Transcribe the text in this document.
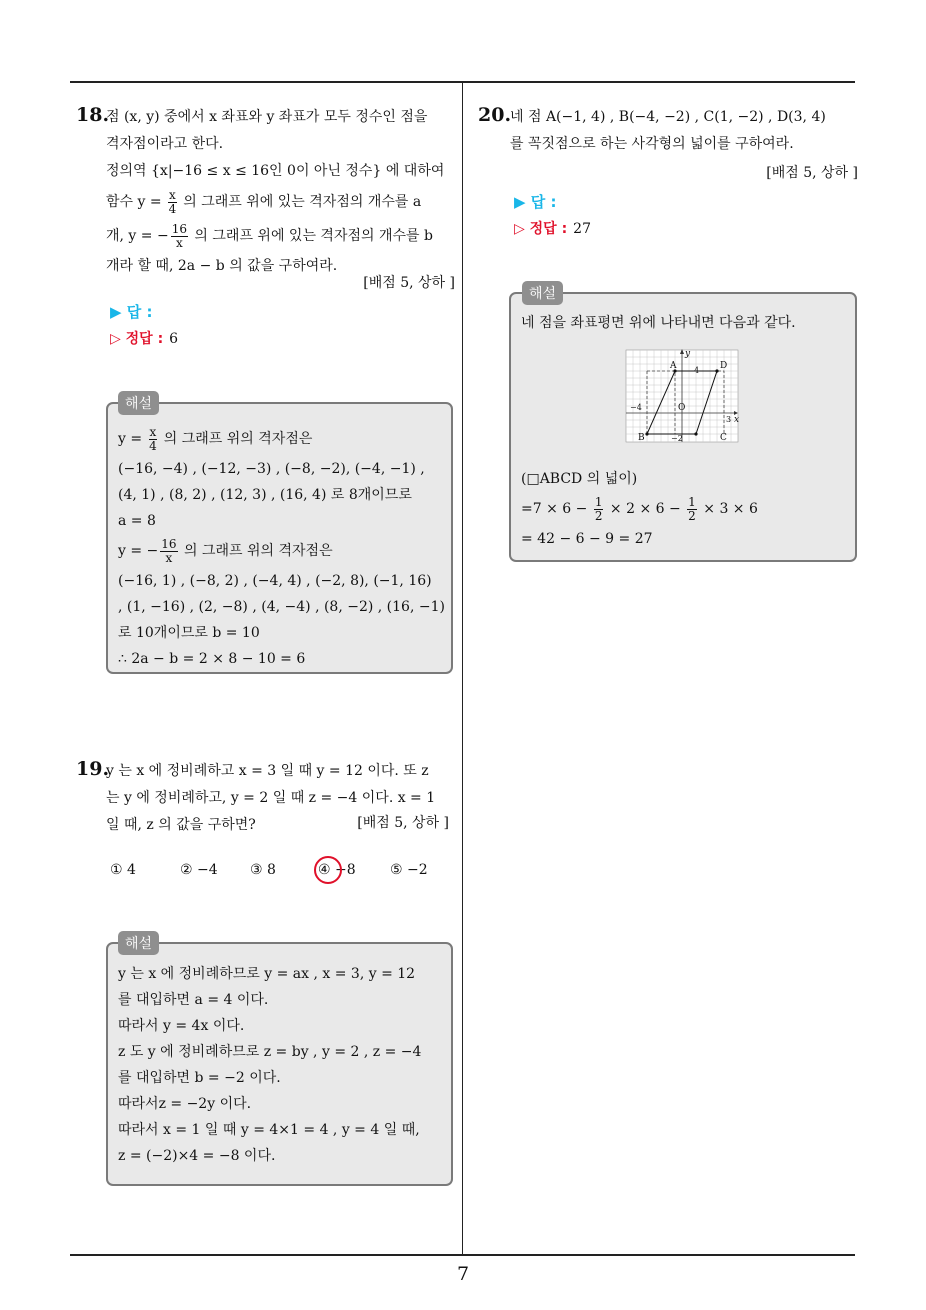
7
18.
점 (x, y) 중에서 x 좌표와 y 좌표가 모두 정수인 점을
격자점이라고 한다.
정의역 {x|−16 ≤ x ≤ 16인 0이 아닌 정수} 에 대하여
함수 $y = \frac{x}{4}$ 의 그래프 위에 있는 격자점의 개수를 a
개, y = − $\frac{16}{x}$ 의 그래프 위에 있는 격자점의 개수를 b
개라 할 때, 2a − b 의 값을 구하여라.
[배점 5, 상하 ]
▶ 답 :
▷ 정답 : 6
해설
$y = \frac{x}{4}$ 의 그래프 위의 격자점은
(−16, −4) , (−12, −3) , (−8, −2), (−4, −1) ,
(4, 1) , (8, 2) , (12, 3) , (16, 4) 로 8개이므로
a = 8
y = − $\frac{16}{x}$ 의 그래프 위의 격자점은
(−16, 1) , (−8, 2) , (−4, 4) , (−2, 8), (−1, 16)
, (1, −16) , (2, −8) , (4, −4) , (8, −2) , (16, −1)
로 10개이므로 b = 10
∴ 2a − b = 2 × 8 − 10 = 6
19.
y 는 x 에 정비례하고 x = 3 일 때 y = 12 이다. 또 z
는 y 에 정비례하고, y = 2 일 때 z = −4 이다. x = 1
일 때, z 의 값을 구하면?	[배점 5, 상하 ]
① 4	② −4 ③ 8	④ −8 ⑤ −2
해설
y 는 x 에 정비례하므로 y = ax , x = 3, y = 12
를 대입하면 a = 4 이다.
따라서 y = 4x 이다.
z 도 y 에 정비례하므로 z = by , y = 2 , z = −4
를 대입하면 b = −2 이다.
따라서z = −2y 이다.
따라서 x = 1 일 때 y = 4×1 = 4 , y = 4 일 때,
z = (−2)×4 = −8 이다.
20.
네 점 A(−1, 4) , B(−4, −2) , C(1, −2) , D(3, 4)
를 꼭짓점으로 하는 사각형의 넓이를 구하여라.
[배점 5, 상하 ]
▶ 답 :
▷ 정답 : 27
해설
네 점을 좌표평면 위에 나타내면 다음과 같다.
A	D
B	C
O
x
y
4
−4
−2
3
(□ABCD 의 넓이)
$=7 \times 6 - \frac{1}{2} \times 2 \times 6 - \frac{1}{2} \times 3 \times 6$
= 42 − 6 − 9 = 27
